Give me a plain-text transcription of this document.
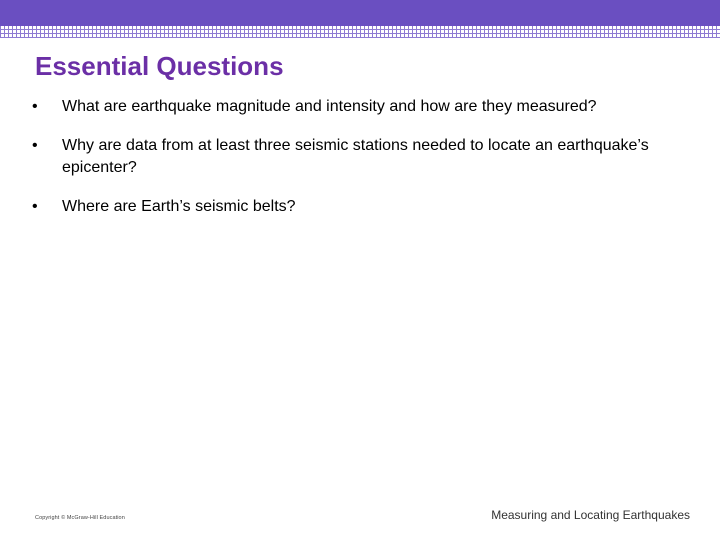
Essential Questions
• What are earthquake magnitude and intensity and how are they measured?
• Why are data from at least three seismic stations needed to locate an earthquake’s epicenter?
• Where are Earth’s seismic belts?
Copyright © McGraw-Hill Education	Measuring and Locating Earthquakes
